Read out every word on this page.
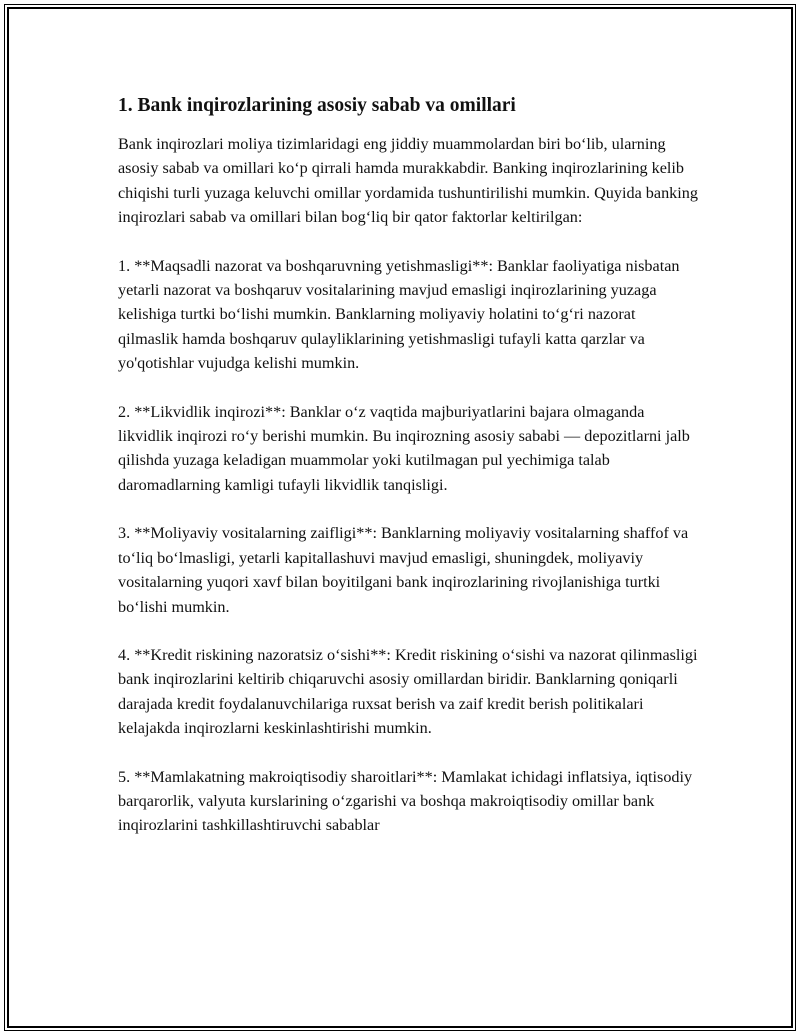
1. Bank inqirozlarining asosiy sabab va omillari

Bank inqirozlari moliya tizimlaridagi eng jiddiy muammolardan biri bo‘lib, ularning asosiy sabab va omillari ko‘p qirrali hamda murakkabdir. Banking inqirozlarining kelib chiqishi turli yuzaga keluvchi omillar yordamida tushuntirilishi mumkin. Quyida banking inqirozlari sabab va omillari bilan bog‘liq bir qator faktorlar keltirilgan:

1. **Maqsadli nazorat va boshqaruvning yetishmasligi**: Banklar faoliyatiga nisbatan yetarli nazorat va boshqaruv vositalarining mavjud emasligi inqirozlarining yuzaga kelishiga turtki bo‘lishi mumkin. Banklarning moliyaviy holatini to‘g‘ri nazorat qilmaslik hamda boshqaruv qulayliklarining yetishmasligi tufayli katta qarzlar va yo'qotishlar vujudga kelishi mumkin.

2. **Likvidlik inqirozi**: Banklar o‘z vaqtida majburiyatlarini bajara olmaganda likvidlik inqirozi ro‘y berishi mumkin. Bu inqirozning asosiy sababi — depozitlarni jalb qilishda yuzaga keladigan muammolar yoki kutilmagan pul yechimiga talab daromadlarning kamligi tufayli likvidlik tanqisligi.

3. **Moliyaviy vositalarning zaifligi**: Banklarning moliyaviy vositalarning shaffof va to‘liq bo‘lmasligi, yetarli kapitallashuvi mavjud emasligi, shuningdek, moliyaviy vositalarning yuqori xavf bilan boyitilgani bank inqirozlarining rivojlanishiga turtki bo‘lishi mumkin.

4. **Kredit riskining nazoratsiz o‘sishi**: Kredit riskining o‘sishi va nazorat qilinmasligi bank inqirozlarini keltirib chiqaruvchi asosiy omillardan biridir. Banklarning qoniqarli darajada kredit foydalanuvchilariga ruxsat berish va zaif kredit berish politikalari kelajakda inqirozlarni keskinlashtirishi mumkin.

5. **Mamlakatning makroiqtisodiy sharoitlari**: Mamlakat ichidagi inflatsiya, iqtisodiy barqarorlik, valyuta kurslarining o‘zgarishi va boshqa makroiqtisodiy omillar bank inqirozlarini tashkillashtiruvchi sabablar
